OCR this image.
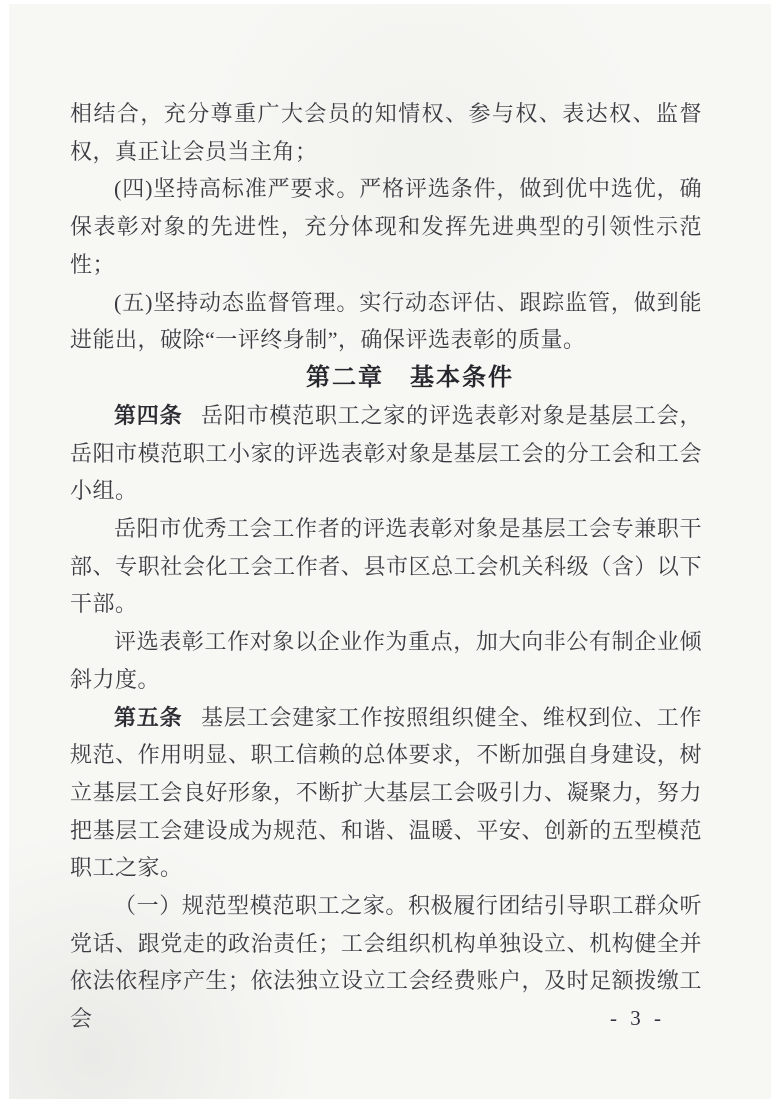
相结合，充分尊重广大会员的知情权、参与权、表达权、监督权，真正让会员当主角；

(四)坚持高标准严要求。严格评选条件，做到优中选优，确保表彰对象的先进性，充分体现和发挥先进典型的引领性示范性；

(五)坚持动态监督管理。实行动态评估、跟踪监管，做到能进能出，破除“一评终身制”，确保评选表彰的质量。

第二章　基本条件

第四条 岳阳市模范职工之家的评选表彰对象是基层工会，岳阳市模范职工小家的评选表彰对象是基层工会的分工会和工会小组。

岳阳市优秀工会工作者的评选表彰对象是基层工会专兼职干部、专职社会化工会工作者、县市区总工会机关科级（含）以下干部。

评选表彰工作对象以企业作为重点，加大向非公有制企业倾斜力度。

第五条 基层工会建家工作按照组织健全、维权到位、工作规范、作用明显、职工信赖的总体要求，不断加强自身建设，树立基层工会良好形象，不断扩大基层工会吸引力、凝聚力，努力把基层工会建设成为规范、和谐、温暖、平安、创新的五型模范职工之家。

（一）规范型模范职工之家。积极履行团结引导职工群众听党话、跟党走的政治责任；工会组织机构单独设立、机构健全并依法依程序产生；依法独立设立工会经费账户，及时足额拨缴工会	- 3 -
